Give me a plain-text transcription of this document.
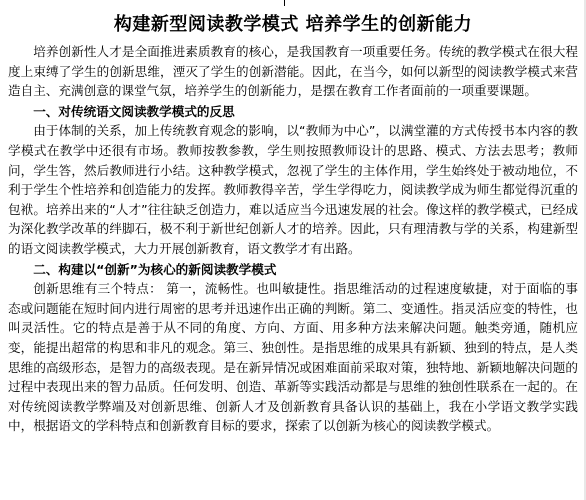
构建新型阅读教学模式 培养学生的创新能力

培养创新性人才是全面推进素质教育的核心，是我国教育一项重要任务。传统的教学模式在很大程度上束缚了学生的创新思维，湮灭了学生的创新潜能。因此，在当今，如何以新型的阅读教学模式来营造自主、充满创意的课堂气氛，培养学生的创新能力，是摆在教育工作者面前的一项重要课题。

一、对传统语文阅读教学模式的反思

由于体制的关系，加上传统教育观念的影响，以“教师为中心”，以满堂灌的方式传授书本内容的教学模式在教学中还很有市场。教师按教参教，学生则按照教师设计的思路、模式、方法去思考；教师问，学生答，然后教师进行小结。这种教学模式，忽视了学生的主体作用，学生始终处于被动地位，不利于学生个性培养和创造能力的发挥。教师教得辛苦，学生学得吃力，阅读教学成为师生都觉得沉重的包袱。培养出来的“人才”往往缺乏创造力，难以适应当今迅速发展的社会。像这样的教学模式，已经成为深化教学改革的绊脚石，极不利于新世纪创新人才的培养。因此，只有理清教与学的关系，构建新型的语文阅读教学模式，大力开展创新教育，语文教学才有出路。

二、构建以“创新”为核心的新阅读教学模式

创新思维有三个特点： 第一，流畅性。也叫敏捷性。指思维活动的过程速度敏捷，对于面临的事态或问题能在短时间内进行周密的思考并迅速作出正确的判断。第二、变通性。指灵活应变的特性，也叫灵活性。它的特点是善于从不同的角度、方向、方面、用多种方法来解决问题。触类旁通，随机应变，能提出超常的构思和非凡的观念。第三、独创性。是指思维的成果具有新颖、独到的特点，是人类思维的高级形态，是智力的高级表现。是在新异情况或困难面前采取对策，独特地、新颖地解决问题的过程中表现出来的智力品质。任何发明、创造、革新等实践活动都是与思维的独创性联系在一起的。在对传统阅读教学弊端及对创新思维、创新人才及创新教育具备认识的基础上，我在小学语文教学实践中，根据语文的学科特点和创新教育目标的要求，探索了以创新为核心的阅读教学模式。
